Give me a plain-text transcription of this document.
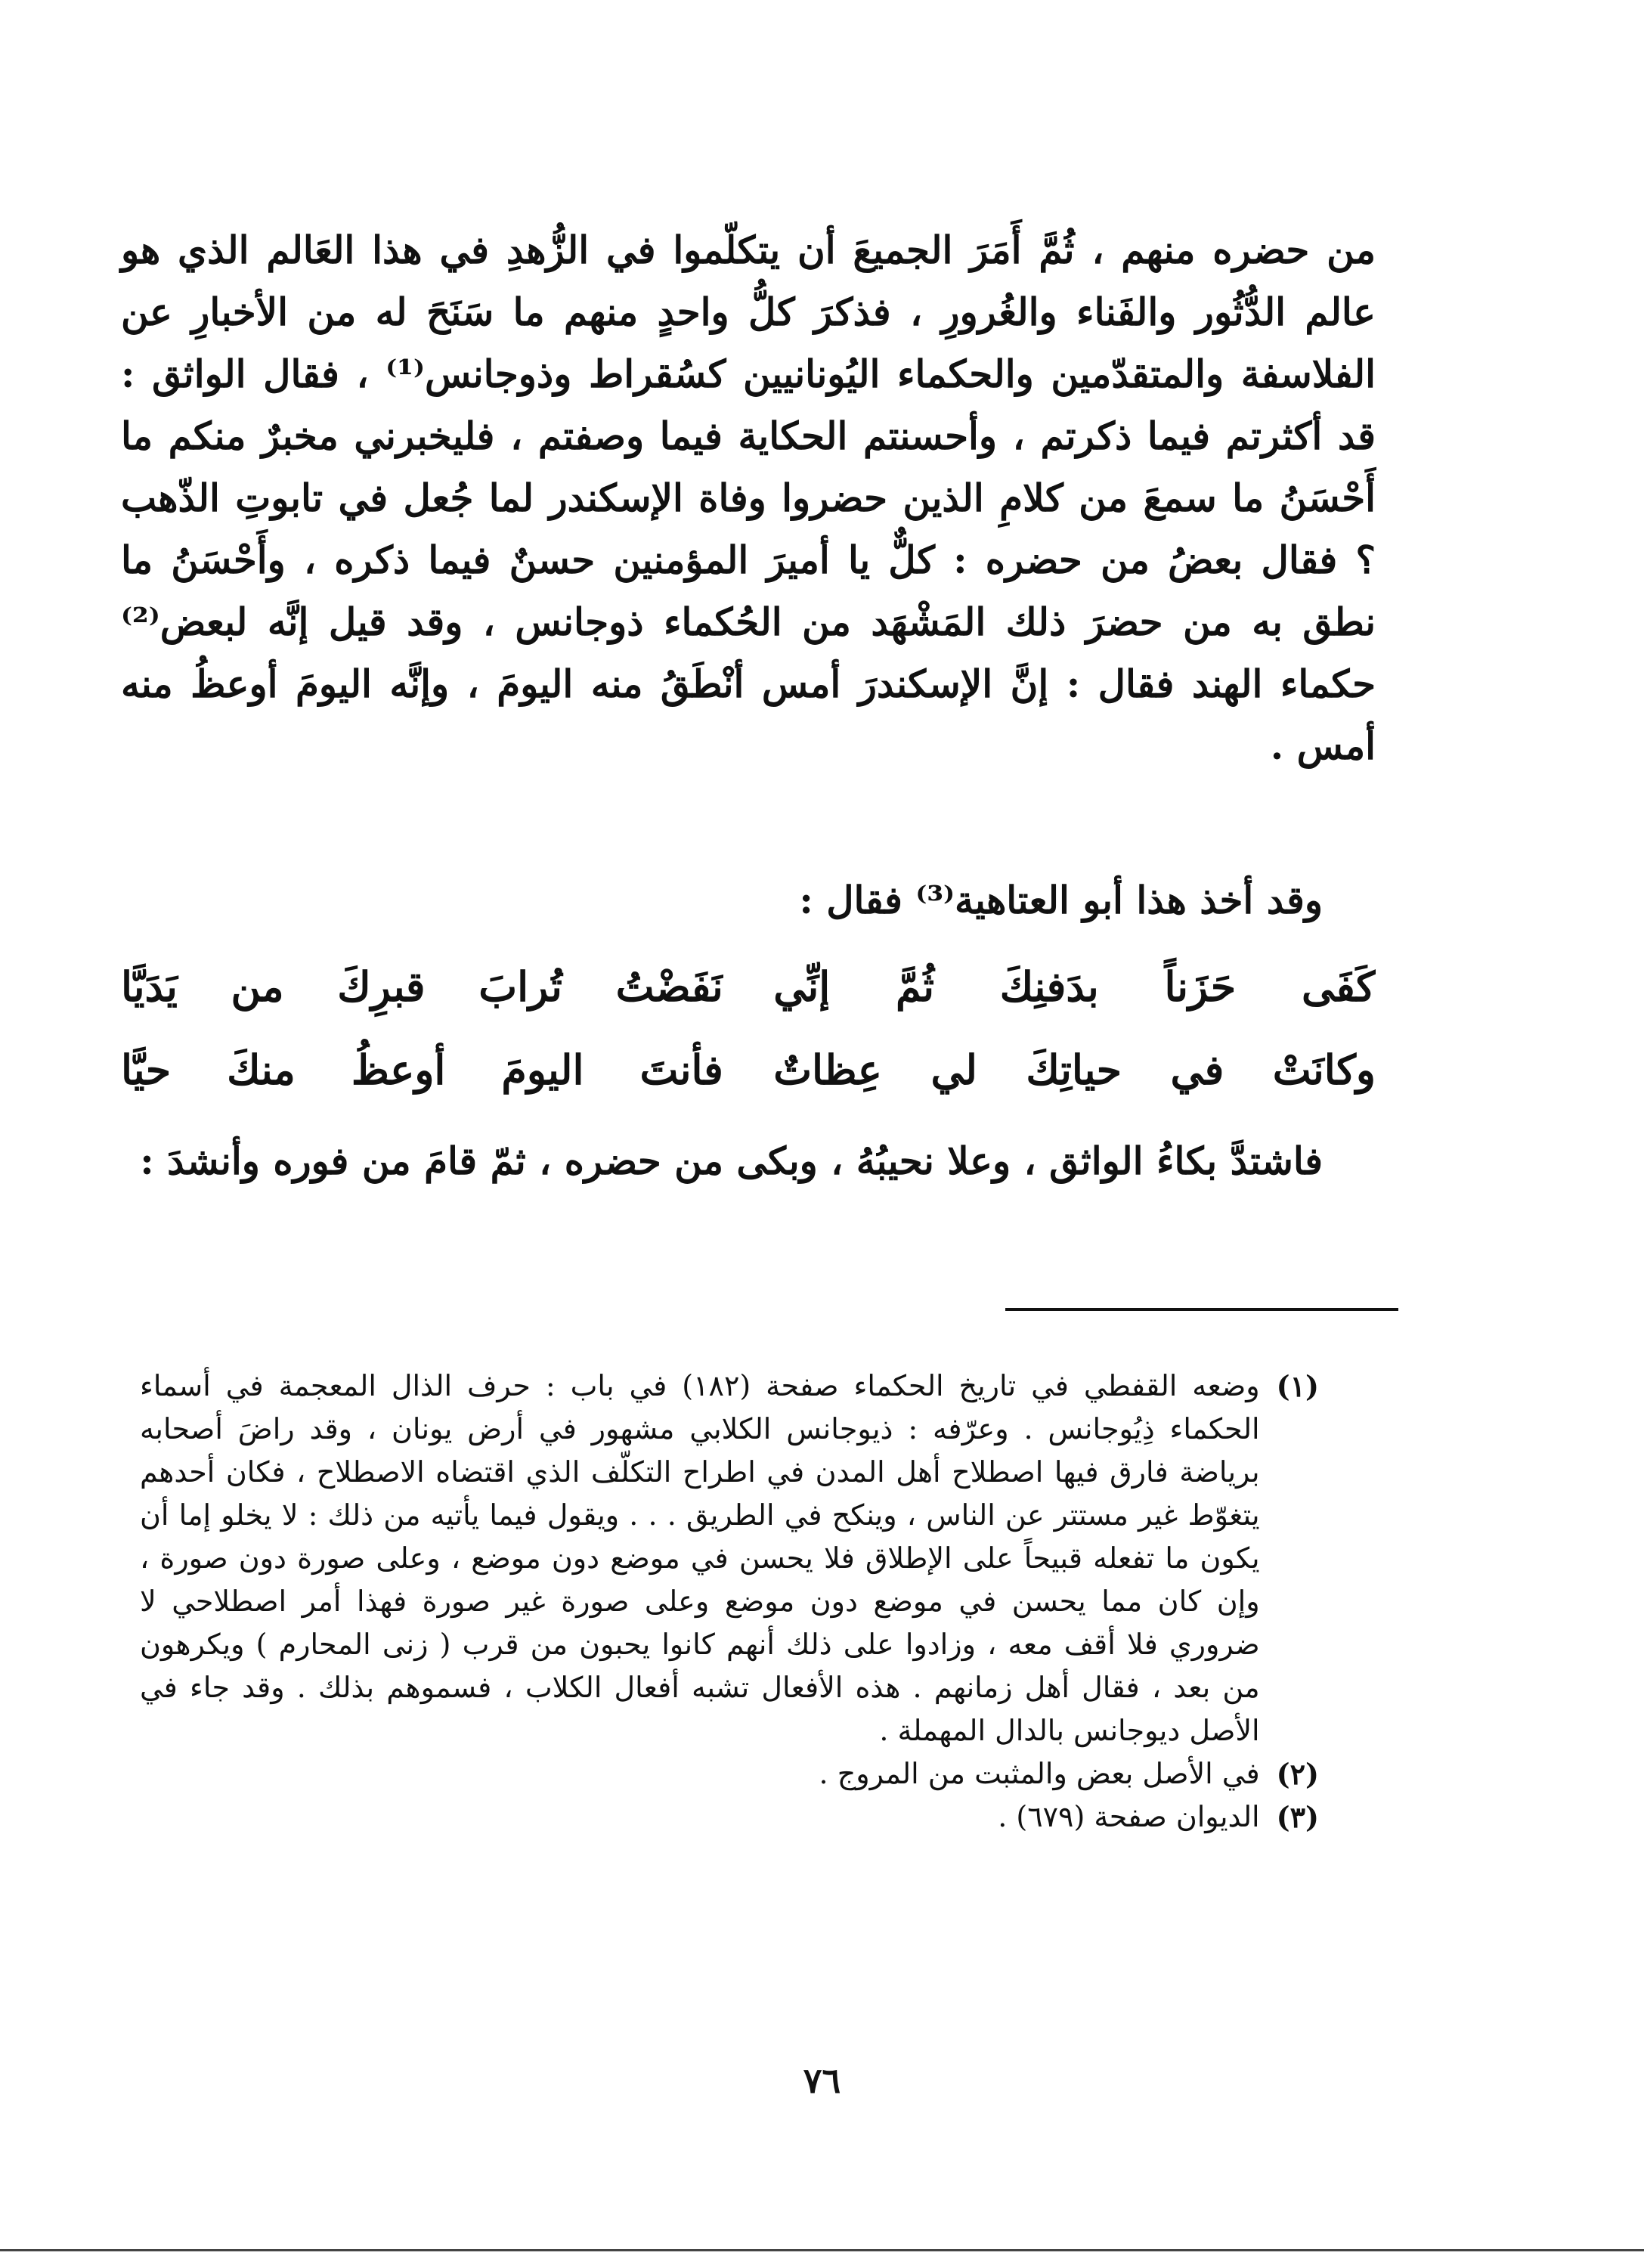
من حضره منهم ، ثُمَّ أَمَرَ الجميعَ أن يتكلّموا في الزُّهدِ في هذا العَالم الذي هو عالم الدُّثُور والفَناء والغُرورِ ، فذكرَ كلُّ واحدٍ منهم ما سَنَحَ له من الأخبارِ عن الفلاسفة والمتقدّمين والحكماء اليُونانيين كسُقراط وذوجانس⁽¹⁾ ، فقال الواثق : قد أكثرتم فيما ذكرتم ، وأحسنتم الحكاية فيما وصفتم ، فليخبرني مخبرٌ منكم ما أَحْسَنُ ما سمعَ من كلامِ الذين حضروا وفاة الإسكندر لما جُعل في تابوتِ الذّهب ؟ فقال بعضُ من حضره : كلٌّ يا أميرَ المؤمنين حسنٌ فيما ذكره ، وأَحْسَنُ ما نطق به من حضرَ ذلك المَشْهَد من الحُكماء ذوجانس ، وقد قيل إنَّه لبعض⁽²⁾ حكماء الهند فقال : إنَّ الإسكندرَ أمس أنْطَقُ منه اليومَ ، وإنَّه اليومَ أوعظُ منه أمس .

وقد أخذ هذا أبو العتاهية⁽³⁾ فقال :

كَفَى حَزَناً بدَفنِكَ ثُمَّ إنِّي
نَفَضْتُ تُرابَ قبرِكَ من يَدَيَّا
وكانَتْ في حياتِكَ لي عِظاتٌ
فأنتَ اليومَ أوعظُ منكَ حيَّا

فاشتدَّ بكاءُ الواثق ، وعلا نحيبُهُ ، وبكى من حضره ، ثمّ قامَ من فوره وأنشدَ :

(١)
وضعه القفطي في تاريخ الحكماء صفحة (١٨٢) في باب : حرف الذال المعجمة في أسماء الحكماء ذِيُوجانس . وعرّفه : ذيوجانس الكلابي مشهور في أرض يونان ، وقد راضَ أصحابه برياضة فارق فيها اصطلاح أهل المدن في اطراح التكلّف الذي اقتضاه الاصطلاح ، فكان أحدهم يتغوّط غير مستتر عن الناس ، وينكح في الطريق . . . ويقول فيما يأتيه من ذلك : لا يخلو إما أن يكون ما تفعله قبيحاً على الإطلاق فلا يحسن في موضع دون موضع ، وعلى صورة دون صورة ، وإن كان مما يحسن في موضع دون موضع وعلى صورة غير صورة فهذا أمر اصطلاحي لا ضروري فلا أقف معه ، وزادوا على ذلك أنهم كانوا يحبون من قرب ( زنى المحارم ) ويكرهون من بعد ، فقال أهل زمانهم . هذه الأفعال تشبه أفعال الكلاب ، فسموهم بذلك . وقد جاء في الأصل ديوجانس بالدال المهملة .
(٢)
في الأصل بعض والمثبت من المروج .
(٣)
الديوان صفحة (٦٧٩) .
٧٦
